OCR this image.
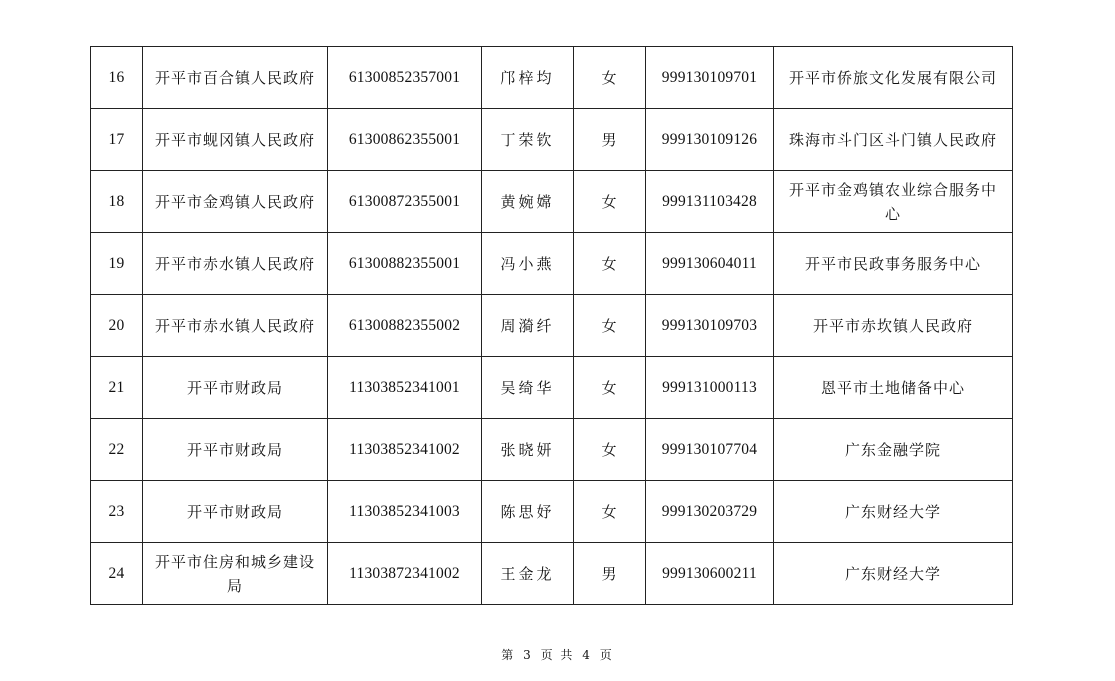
16	开平市百合镇人民政府	61300852357001	邝梓均	女	999130109701	开平市侨旅文化发展有限公司
17	开平市蚬冈镇人民政府	61300862355001	丁荣钦	男	999130109126	珠海市斗门区斗门镇人民政府
18	开平市金鸡镇人民政府	61300872355001	黄婉嫦	女	999131103428	开平市金鸡镇农业综合服务中心
19	开平市赤水镇人民政府	61300882355001	冯小燕	女	999130604011	开平市民政事务服务中心
20	开平市赤水镇人民政府	61300882355002	周漪纤	女	999130109703	开平市赤坎镇人民政府
21	开平市财政局	11303852341001	吴绮华	女	999131000113	恩平市土地储备中心
22	开平市财政局	11303852341002	张晓妍	女	999130107704	广东金融学院
23	开平市财政局	11303852341003	陈思妤	女	999130203729	广东财经大学
24	开平市住房和城乡建设局	11303872341002	王金龙	男	999130600211	广东财经大学
第 3 页 共 4 页
